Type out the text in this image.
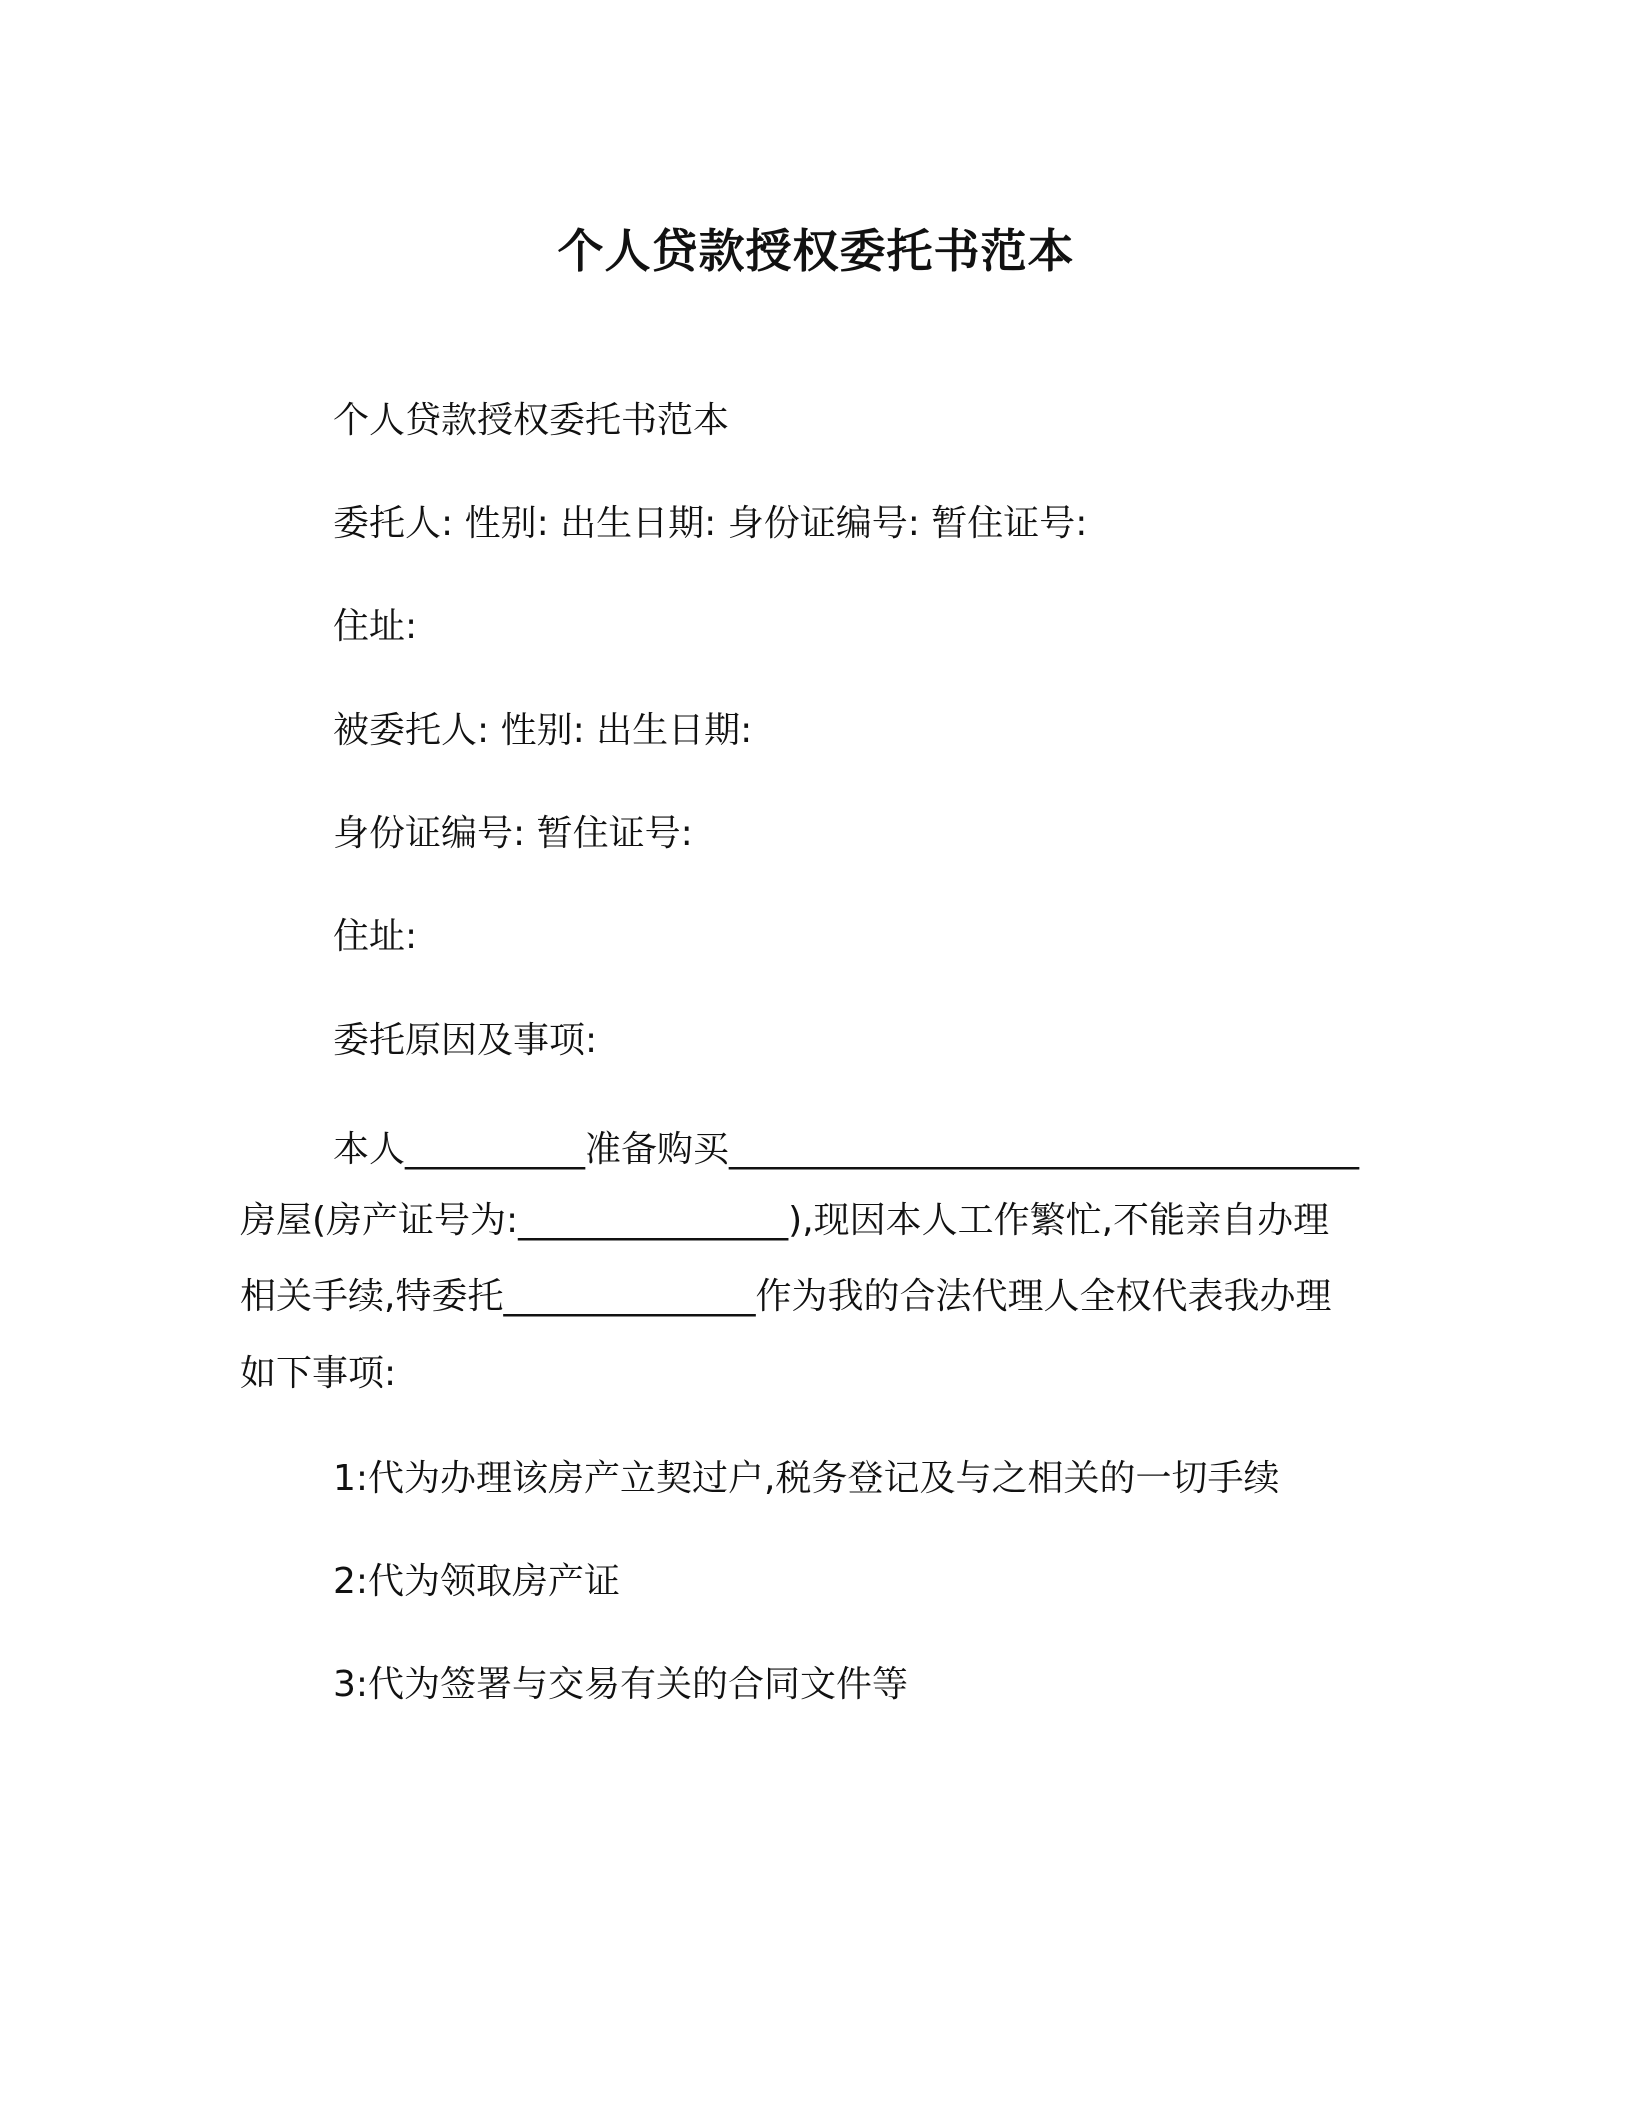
个人贷款授权委托书范本
个人贷款授权委托书范本
委托人: 性别: 出生日期: 身份证编号: 暂住证号:
住址:
被委托人: 性别: 出生日期:
身份证编号: 暂住证号:
住址:
委托原因及事项:
本人__________准备购买___________________________________
房屋(房产证号为:_______________),现因本人工作繁忙,不能亲自办理
相关手续,特委托______________作为我的合法代理人全权代表我办理
如下事项:
1:代为办理该房产立契过户,税务登记及与之相关的一切手续
2:代为领取房产证
3:代为签署与交易有关的合同文件等
